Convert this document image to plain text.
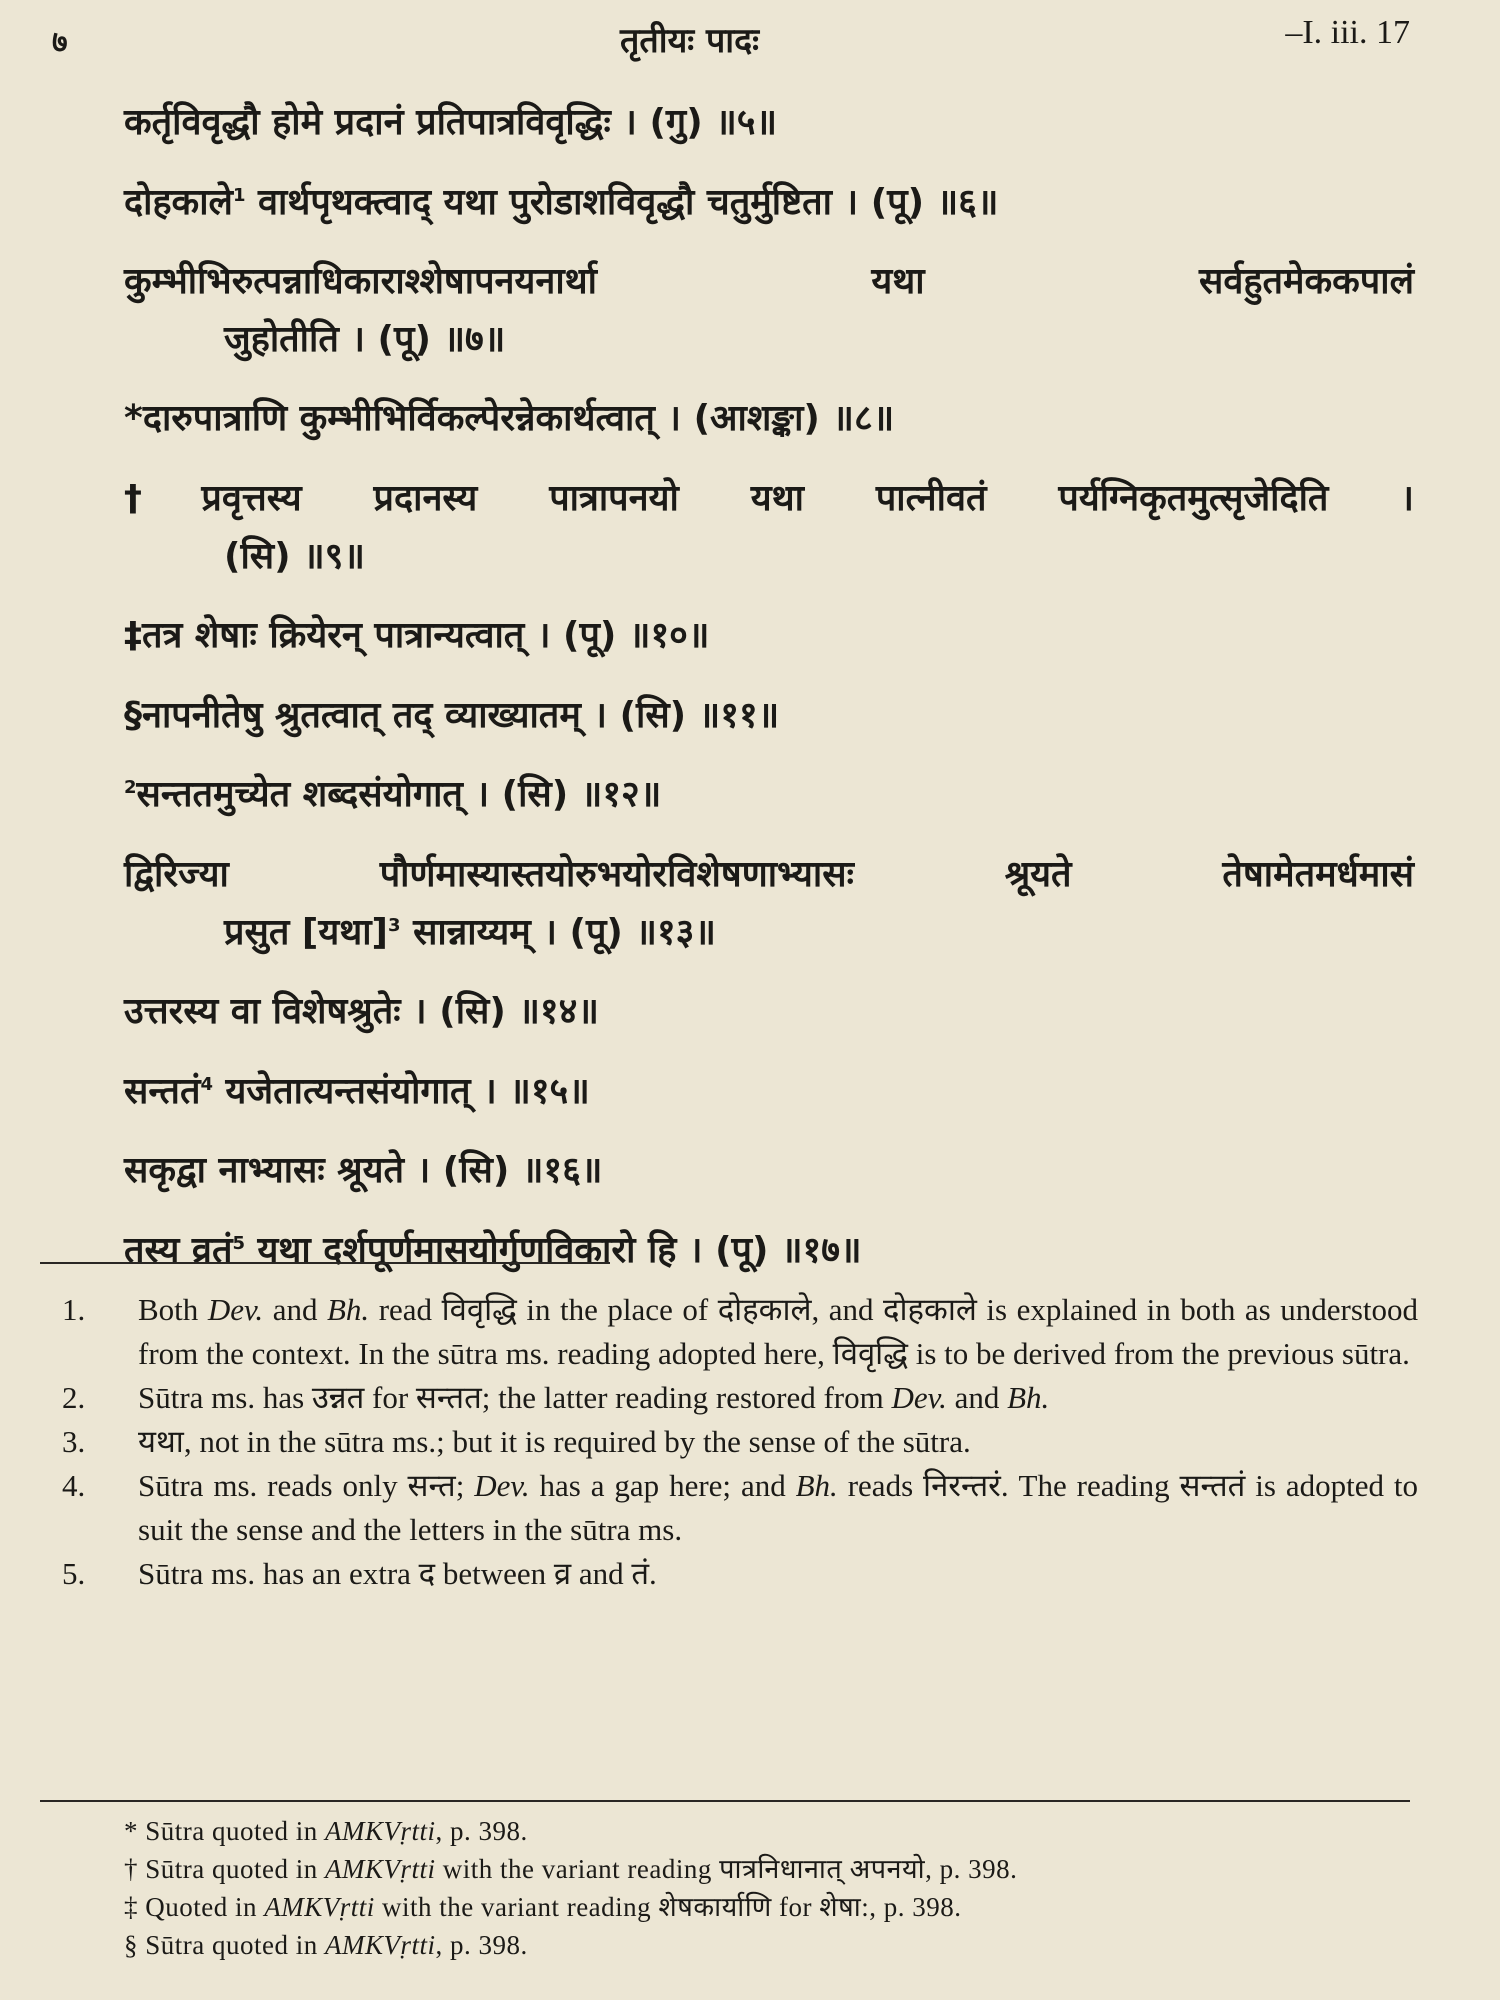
७	तृतीयः पादः	–I. iii. 17

कर्तृविवृद्धौ होमे प्रदानं प्रतिपात्रविवृद्धिः । (गु) ॥५॥

दोहकाले$^1$ वार्थपृथक्त्वाद् यथा पुरोडाशविवृद्धौ चतुर्मुष्टिता । (पू) ॥६॥

कुम्भीभिरुत्पन्नाधिकाराश्शेषापनयनार्था यथा सर्वहुतमेककपालं
जुहोतीति । (पू) ॥७॥

*दारुपात्राणि कुम्भीभिर्विकल्पेरन्नेकार्थत्वात् । (आशङ्का) ॥८॥

†प्रवृत्तस्य प्रदानस्य पात्रापनयो यथा पात्नीवतं पर्यग्निकृतमुत्सृजेदिति ।
(सि) ॥९॥

‡तत्र शेषाः क्रियेरन् पात्रान्यत्वात् । (पू) ॥१०॥

§नापनीतेषु श्रुतत्वात् तद् व्याख्यातम् । (सि) ॥११॥

$^2$सन्ततमुच्येत शब्दसंयोगात् । (सि) ॥१२॥

द्विरिज्या पौर्णमास्यास्तयोरुभयोरविशेषणाभ्यासः श्रूयते तेषामेतमर्धमासं
प्रसुत [यथा]$^3$ सान्नाय्यम् । (पू) ॥१३॥

उत्तरस्य वा विशेषश्रुतेः । (सि) ॥१४॥

सन्ततं$^4$ यजेतात्यन्तसंयोगात् । ॥१५॥

सकृद्वा नाभ्यासः श्रूयते । (सि) ॥१६॥

तस्य व्रतं$^5$ यथा दर्शपूर्णमासयोर्गुणविकारो हि । (पू) ॥१७॥

1.	Both Dev. and Bh. read विवृद्धि in the place of दोहकाले, and दोहकाले is explained in both as understood from the context. In the sūtra ms. reading adopted here, विवृद्धि is to be derived from the previous sūtra.
2.	Sūtra ms. has उन्नत for सन्तत; the latter reading restored from Dev. and Bh.
3.	यथा, not in the sūtra ms.; but it is required by the sense of the sūtra.
4.	Sūtra ms. reads only सन्त; Dev. has a gap here; and Bh. reads निरन्तरं. The reading सन्ततं is adopted to suit the sense and the letters in the sūtra ms.
5.	Sūtra ms. has an extra द between व्र and तं.
* Sūtra quoted in AMKVṛtti, p. 398.
† Sūtra quoted in AMKVṛtti with the variant reading पात्रनिधानात् अपनयो, p. 398.
‡ Quoted in AMKVṛtti with the variant reading शेषकार्याणि for शेषा:, p. 398.
§ Sūtra quoted in AMKVṛtti, p. 398.
